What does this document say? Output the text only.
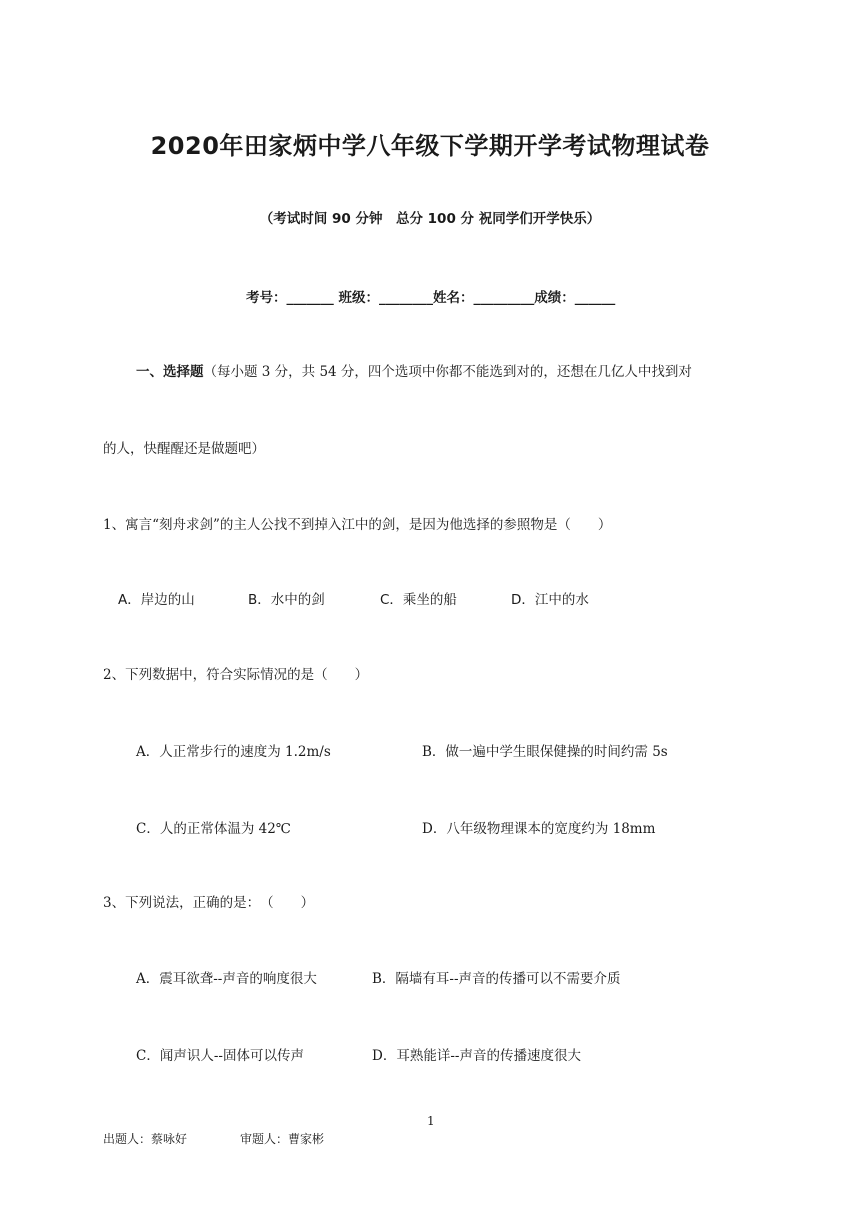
2020年田家炳中学八年级下学期开学考试物理试卷
（考试时间 90 分钟　总分 100 分 祝同学们开学快乐）
考号：_______ 班级：________姓名：_________成绩：______
一、选择题（每小题 3 分，共 54 分，四个选项中你都不能选到对的，还想在几亿人中找到对
的人，快醒醒还是做题吧）
1、寓言“刻舟求剑”的主人公找不到掉入江中的剑，是因为他选择的参照物是（　　）
A．岸边的山	B．水中的剑	C．乘坐的船	D．江中的水
2、下列数据中，符合实际情况的是（　　）
A．人正常步行的速度为 1.2m/s	B．做一遍中学生眼保健操的时间约需 5s
C．人的正常体温为 42℃	D．八年级物理课本的宽度约为 18mm
3、下列说法，正确的是：　（　　）
A．震耳欲聋--声音的响度很大	B．隔墙有耳--声音的传播可以不需要介质
C．闻声识人--固体可以传声	D．耳熟能详--声音的传播速度很大
1
出题人：蔡咏好	审题人：曹家彬
